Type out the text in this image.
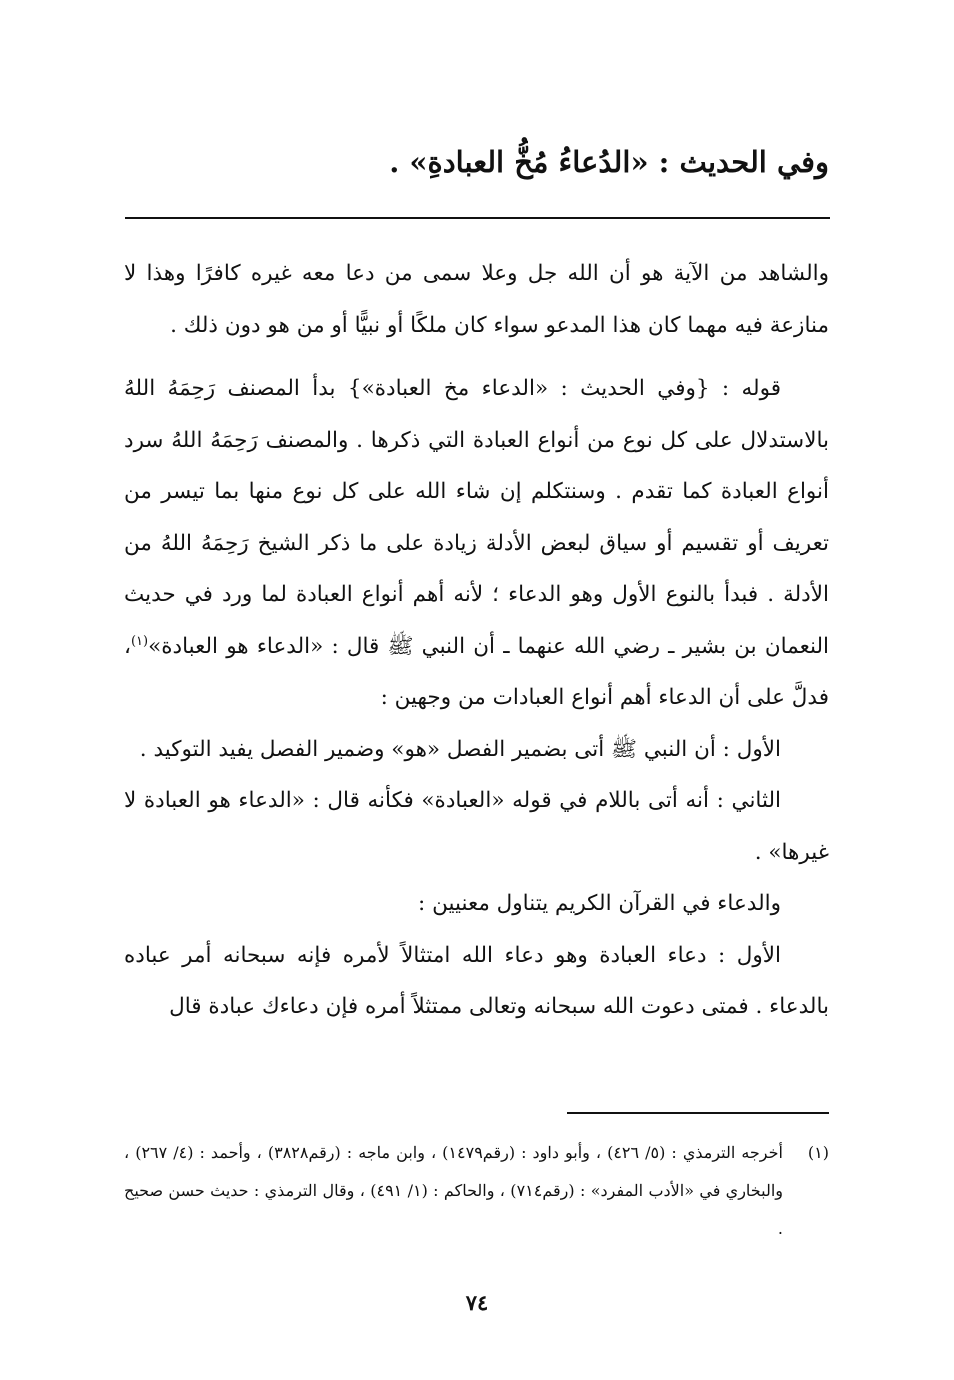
وفي الحديث : «الدُعاءُ مُخُّ العبادةِ» .

والشاهد من الآية هو أن الله جل وعلا سمى من دعا معه غيره كافرًا وهذا لا منازعة فيه مهما كان هذا المدعو سواء كان ملكًا أو نبيًّا أو من هو دون ذلك .

قوله : {وفي الحديث : «الدعاء مخ العبادة»} بدأ المصنف رَحِمَهُ اللهُ بالاستدلال على كل نوع من أنواع العبادة التي ذكرها . والمصنف رَحِمَهُ اللهُ سرد أنواع العبادة كما تقدم . وسنتكلم إن شاء الله على كل نوع منها بما تيسر من تعريف أو تقسيم أو سياق لبعض الأدلة زيادة على ما ذكر الشيخ رَحِمَهُ اللهُ من الأدلة . فبدأ بالنوع الأول وهو الدعاء ؛ لأنه أهم أنواع العبادة لما ورد في حديث النعمان بن بشير ـ رضي الله عنهما ـ أن النبي ﷺ قال : «الدعاء هو العبادة»$^{(١)}$، فدلَّ على أن الدعاء أهم أنواع العبادات من وجهين :

الأول : أن النبي ﷺ أتى بضمير الفصل «هو» وضمير الفصل يفيد التوكيد .

الثاني : أنه أتى باللام في قوله «العبادة» فكأنه قال : «الدعاء هو العبادة لا غيرها» .

والدعاء في القرآن الكريم يتناول معنيين :

الأول : دعاء العبادة وهو دعاء الله امتثالاً لأمره فإنه سبحانه أمر عباده بالدعاء . فمتى دعوت الله سبحانه وتعالى ممتثلاً أمره فإن دعاءك عبادة قال

(١)
أخرجه الترمذي : (٥/ ٤٢٦) ، وأبو داود : (رقم١٤٧٩) ، وابن ماجه : (رقم٣٨٢٨) ، وأحمد : (٤/ ٢٦٧) ، والبخاري في «الأدب المفرد» : (رقم٧١٤) ، والحاكم : (١/ ٤٩١) ، وقال الترمذي : حديث حسن صحيح .
٧٤
